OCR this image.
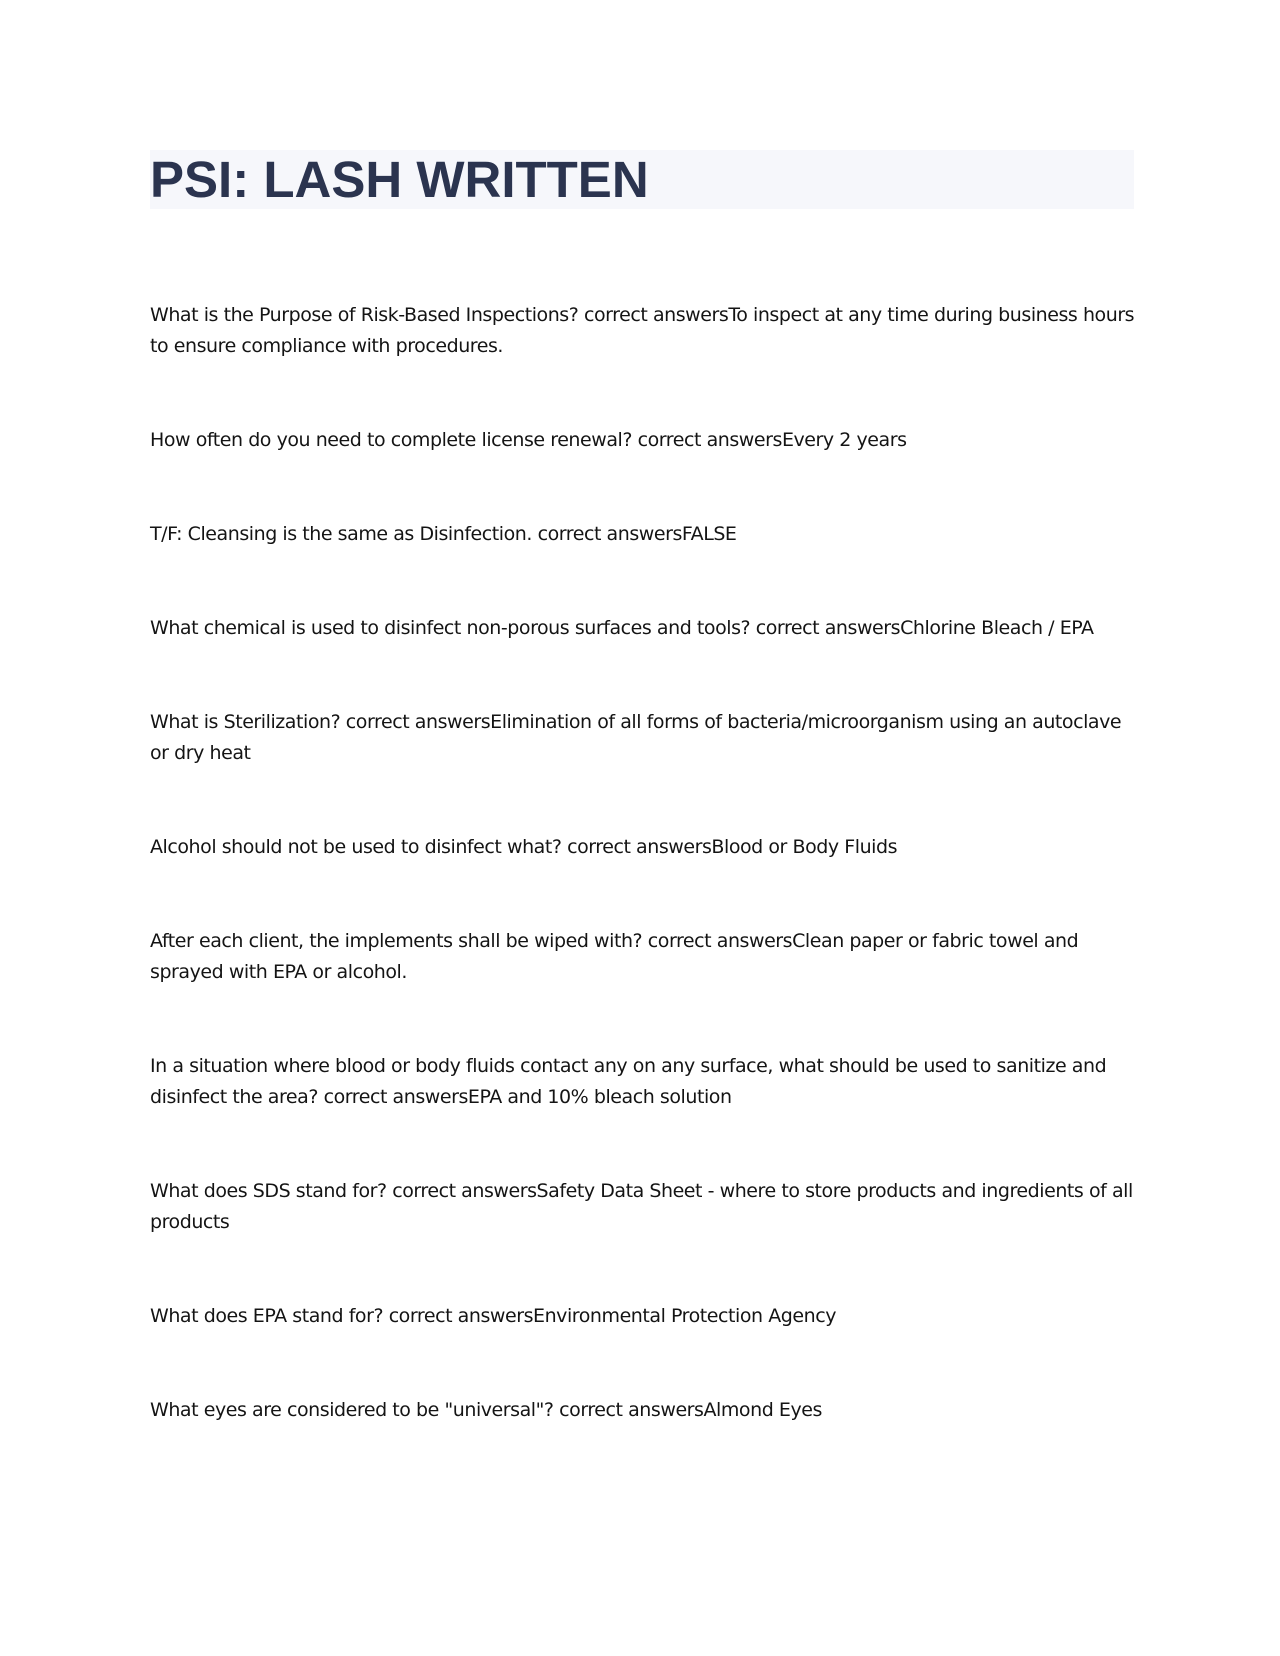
PSI: LASH WRITTEN
What is the Purpose of Risk-Based Inspections? correct answersTo inspect at any time during business hours to ensure compliance with procedures.
How often do you need to complete license renewal? correct answersEvery 2 years
T/F: Cleansing is the same as Disinfection. correct answersFALSE
What chemical is used to disinfect non-porous surfaces and tools? correct answersChlorine Bleach / EPA
What is Sterilization? correct answersElimination of all forms of bacteria/microorganism using an autoclave or dry heat
Alcohol should not be used to disinfect what? correct answersBlood or Body Fluids
After each client, the implements shall be wiped with? correct answersClean paper or fabric towel and sprayed with EPA or alcohol.
In a situation where blood or body fluids contact any on any surface, what should be used to sanitize and disinfect the area? correct answersEPA and 10% bleach solution
What does SDS stand for? correct answersSafety Data Sheet - where to store products and ingredients of all products
What does EPA stand for? correct answersEnvironmental Protection Agency
What eyes are considered to be "universal"? correct answersAlmond Eyes
